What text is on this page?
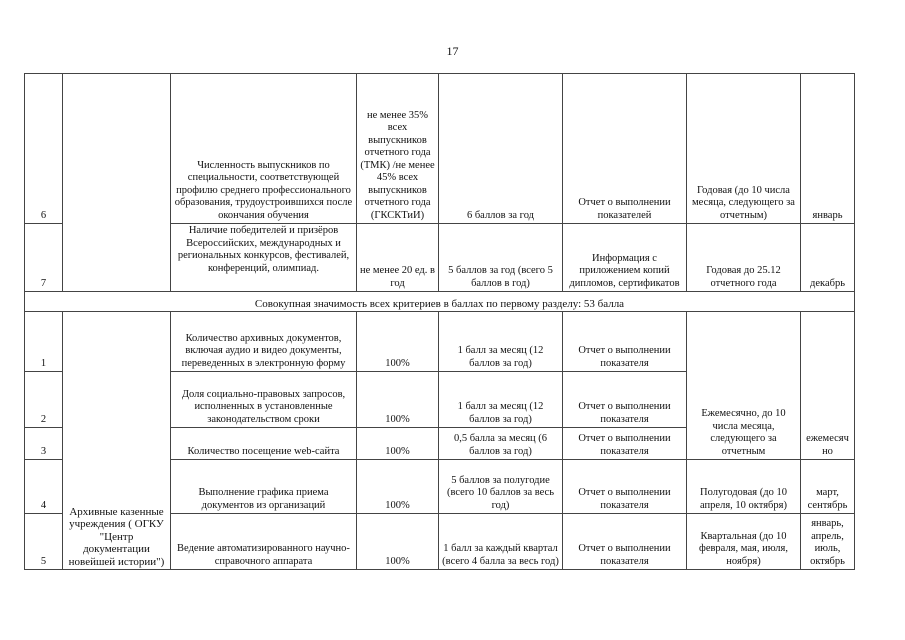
17
6		Численность выпускников по специальности, соответствующей профилю среднего профессионального образования, трудоустроившихся после окончания обучения	не менее 35% всех выпускников отчетного года (ТМК) /не менее 45% всех выпускников отчетного года (ГКСКТиИ)	6 баллов за год	Отчет о выполнении показателей	Годовая (до 10 числа месяца, следующего за отчетным)	январь
7		Наличие победителей и призёров Всероссийских, международных и региональных конкурсов, фестивалей, конференций, олимпиад.	не менее 20 ед. в год	5 баллов за год (всего 5 баллов в год)	Информация с приложением копий дипломов, сертификатов	Годовая до 25.12 отчетного года	декабрь
Совокупная значимость всех критериев в баллах по первому разделу: 53 балла							
1	Архивные казенные учреждения ( ОГКУ "Центр документации новейшей истории")	Количество архивных документов, включая аудио и видео документы, переведенных в электронную форму	100%	1 балл за месяц (12 баллов за год)	Отчет о выполнении показателя	Ежемесячно, до 10 числа месяца, следующего за отчетным	ежемесяч но
2		Доля социально-правовых запросов, исполненных в установленные законодательством сроки	100%	1 балл за месяц (12 баллов за год)	Отчет о выполнении показателя		
3		Количество посещение web-сайта	100%	0,5 балла за месяц (6 баллов за год)	Отчет о выполнении показателя		
4		Выполнение графика приема документов из организаций	100%	5 баллов за полугодие (всего 10 баллов за весь год)	Отчет о выполнении показателя	Полугодовая (до 10 апреля, 10 октября)	март, сентябрь
5		Ведение автоматизированного научно-справочного аппарата	100%	1 балл за каждый квартал (всего 4 балла за весь год)	Отчет о выполнении показателя	Квартальная (до 10 февраля, мая, июля, ноября)	январь, апрель, июль, октябрь
